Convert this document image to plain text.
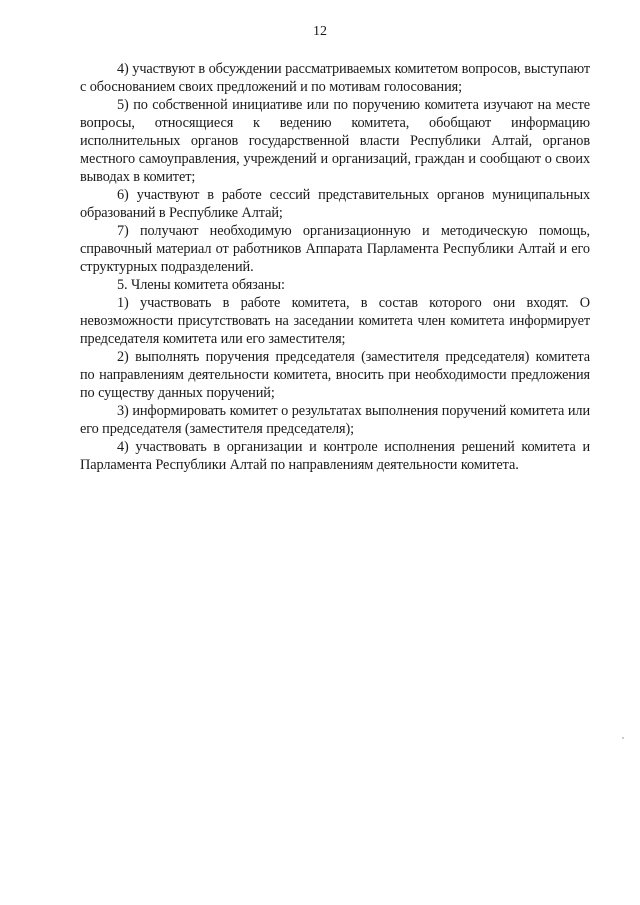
12

4) участвуют в обсуждении рассматриваемых комитетом вопросов, выступают с обоснованием своих предложений и по мотивам голосования;

5) по собственной инициативе или по поручению комитета изучают на месте вопросы, относящиеся к ведению комитета, обобщают информацию исполнительных органов государственной власти Республики Алтай, органов местного самоуправления, учреждений и организаций, граждан и сообщают о своих выводах в комитет;

6) участвуют в работе сессий представительных органов муниципальных образований в Республике Алтай;

7) получают необходимую организационную и методическую помощь, справочный материал от работников Аппарата Парламента Республики Алтай и его структурных подразделений.

5. Члены комитета обязаны:

1) участвовать в работе комитета, в состав которого они входят. О невозможности присутствовать на заседании комитета член комитета информирует председателя комитета или его заместителя;

2) выполнять поручения председателя (заместителя председателя) комитета по направлениям деятельности комитета, вносить при необходимости предложения по существу данных поручений;

3) информировать комитет о результатах выполнения поручений комитета или его председателя (заместителя председателя);

4) участвовать в организации и контроле исполнения решений комитета и Парламента Республики Алтай по направлениям деятельности комитета.
